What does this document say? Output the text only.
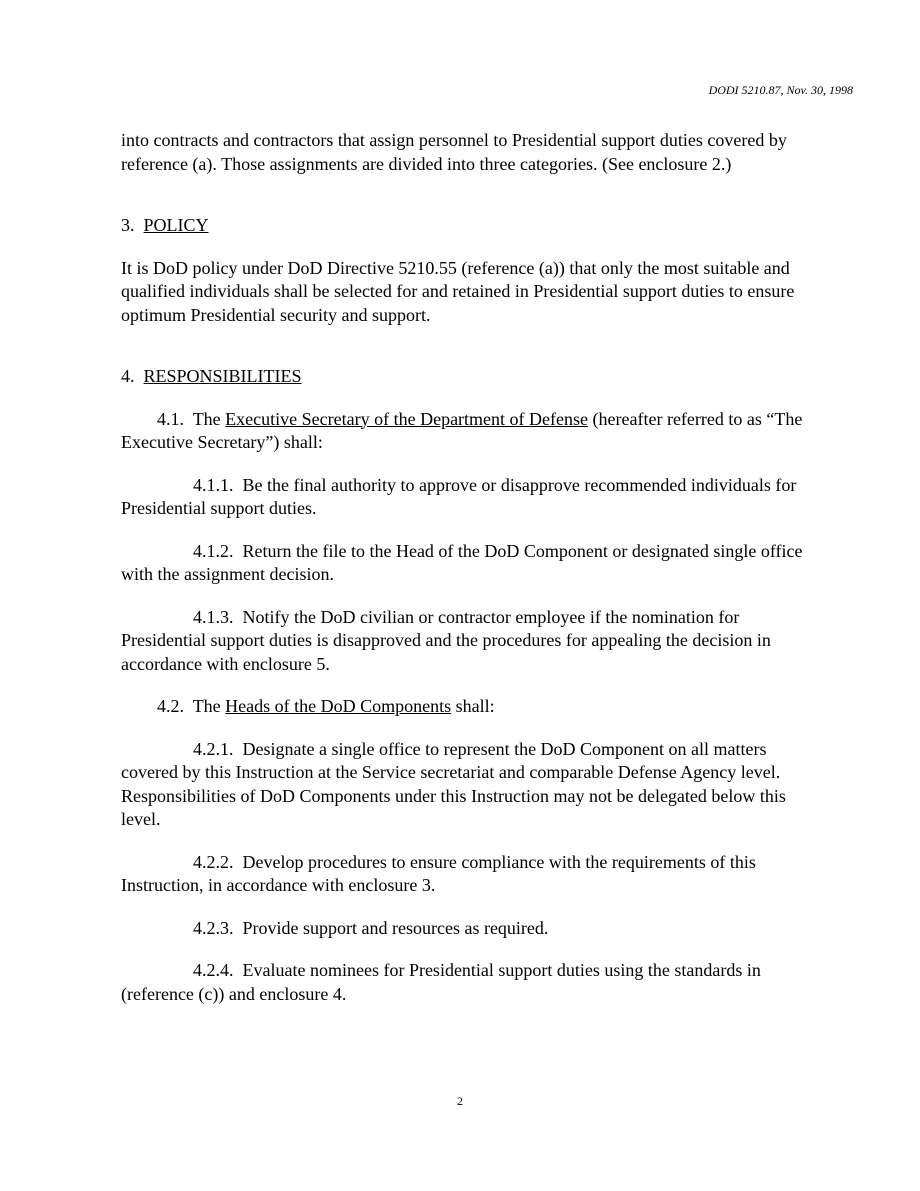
DODI 5210.87, Nov. 30, 1998

into contracts and contractors that assign personnel to Presidential support duties covered by reference (a). Those assignments are divided into three categories. (See enclosure 2.)

3. POLICY

It is DoD policy under DoD Directive 5210.55 (reference (a)) that only the most suitable and qualified individuals shall be selected for and retained in Presidential support duties to ensure optimum Presidential security and support.

4. RESPONSIBILITIES

4.1. The Executive Secretary of the Department of Defense (hereafter referred to as “The Executive Secretary”) shall:

4.1.1. Be the final authority to approve or disapprove recommended individuals for Presidential support duties.

4.1.2. Return the file to the Head of the DoD Component or designated single office with the assignment decision.

4.1.3. Notify the DoD civilian or contractor employee if the nomination for Presidential support duties is disapproved and the procedures for appealing the decision in accordance with enclosure 5.

4.2. The Heads of the DoD Components shall:

4.2.1. Designate a single office to represent the DoD Component on all matters covered by this Instruction at the Service secretariat and comparable Defense Agency level. Responsibilities of DoD Components under this Instruction may not be delegated below this level.

4.2.2. Develop procedures to ensure compliance with the requirements of this Instruction, in accordance with enclosure 3.

4.2.3. Provide support and resources as required.

4.2.4. Evaluate nominees for Presidential support duties using the standards in (reference (c)) and enclosure 4.

2
